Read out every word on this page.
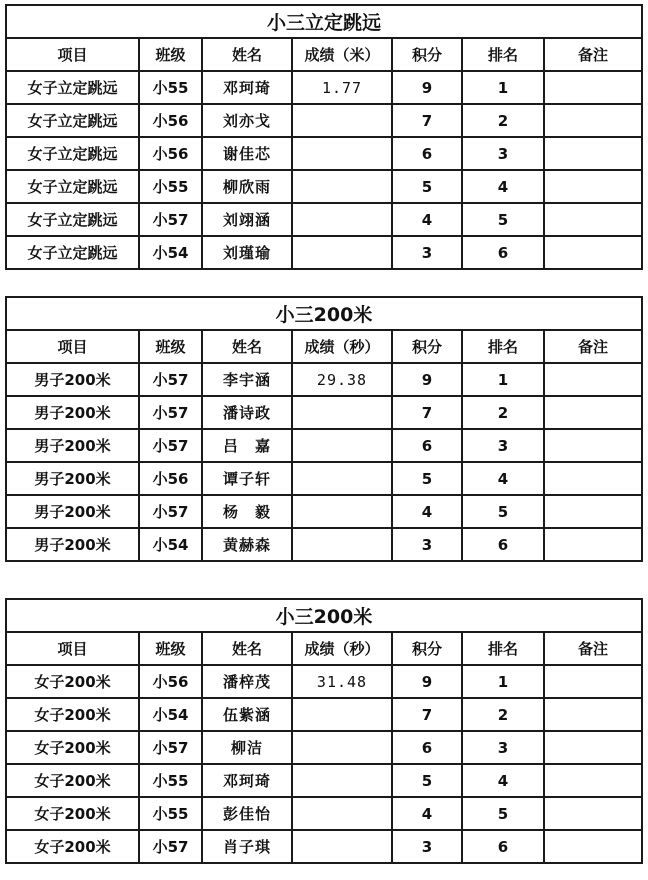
小三立定跳远						
项目	班级	姓名	成绩（米）	积分	排名	备注
女子立定跳远	小55	邓珂琦	1.77	9	1	
女子立定跳远	小56	刘亦戈		7	2	
女子立定跳远	小56	谢佳芯		6	3	
女子立定跳远	小55	柳欣雨		5	4	
女子立定跳远	小57	刘翊涵		4	5	
女子立定跳远	小54	刘瑾瑜		3	6	
小三200米						
项目	班级	姓名	成绩（秒）	积分	排名	备注
男子200米	小57	李宇涵	29.38	9	1	
男子200米	小57	潘诗政		7	2	
男子200米	小57	吕　嘉		6	3	
男子200米	小56	谭子轩		5	4	
男子200米	小57	杨　毅		4	5	
男子200米	小54	黄赫森		3	6	
小三200米						
项目	班级	姓名	成绩（秒）	积分	排名	备注
女子200米	小56	潘梓茂	31.48	9	1	
女子200米	小54	伍紫涵		7	2	
女子200米	小57	柳洁		6	3	
女子200米	小55	邓珂琦		5	4	
女子200米	小55	彭佳怡		4	5	
女子200米	小57	肖子琪		3	6	
